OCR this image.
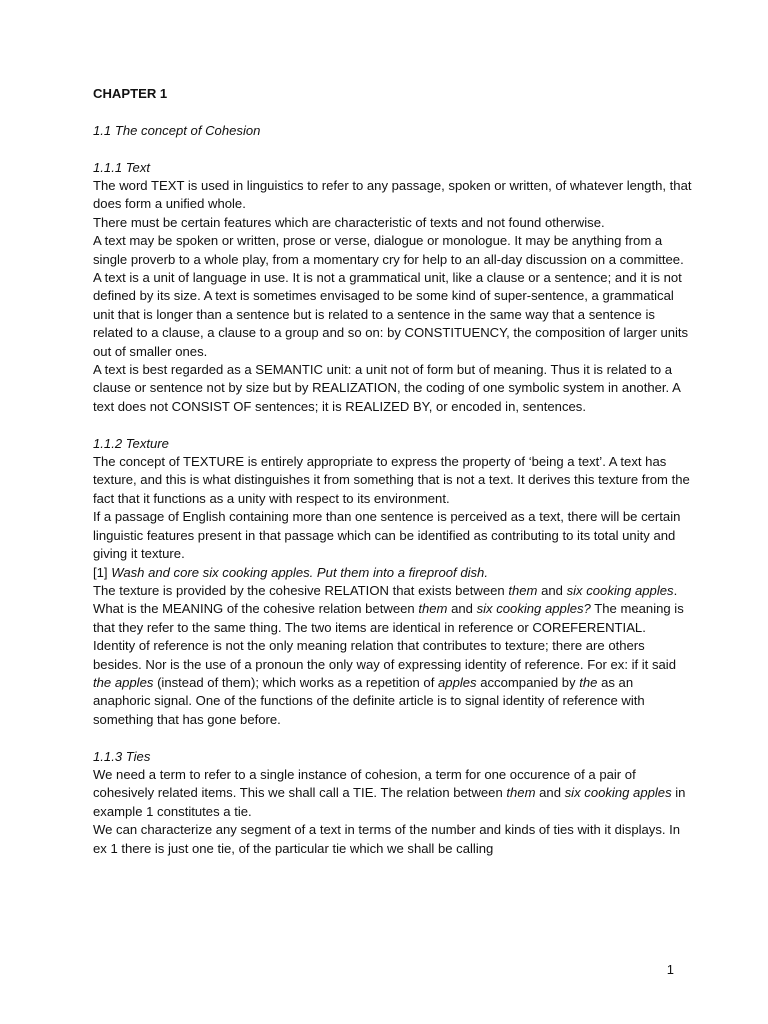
CHAPTER 1

1.1 The concept of Cohesion

1.1.1 Text

The word TEXT is used in linguistics to refer to any passage, spoken or written, of whatever length, that does form a unified whole.

There must be certain features which are characteristic of texts and not found otherwise.

A text may be spoken or written, prose or verse, dialogue or monologue. It may be anything from a single proverb to a whole play, from a momentary cry for help to an all-day discussion on a committee.

A text is a unit of language in use. It is not a grammatical unit, like a clause or a sentence; and it is not defined by its size. A text is sometimes envisaged to be some kind of super-sentence, a grammatical unit that is longer than a sentence but is related to a sentence in the same way that a sentence is related to a clause, a clause to a group and so on: by CONSTITUENCY, the composition of larger units out of smaller ones.

A text is best regarded as a SEMANTIC unit: a unit not of form but of meaning. Thus it is related to a clause or sentence not by size but by REALIZATION, the coding of one symbolic system in another. A text does not CONSIST OF sentences; it is REALIZED BY, or encoded in, sentences.

1.1.2 Texture

The concept of TEXTURE is entirely appropriate to express the property of ‘being a text’. A text has texture, and this is what distinguishes it from something that is not a text. It derives this texture from the fact that it functions as a unity with respect to its environment.

If a passage of English containing more than one sentence is perceived as a text, there will be certain linguistic features present in that passage which can be identified as contributing to its total unity and giving it texture.

[1] Wash and core six cooking apples. Put them into a fireproof dish.

The texture is provided by the cohesive RELATION that exists between them and six cooking apples.

What is the MEANING of the cohesive relation between them and six cooking apples? The meaning is that they refer to the same thing. The two items are identical in reference or COREFERENTIAL.

Identity of reference is not the only meaning relation that contributes to texture; there are others besides. Nor is the use of a pronoun the only way of expressing identity of reference. For ex: if it said the apples (instead of them); which works as a repetition of apples accompanied by the as an anaphoric signal. One of the functions of the definite article is to signal identity of reference with something that has gone before.

1.1.3 Ties

We need a term to refer to a single instance of cohesion, a term for one occurence of a pair of cohesively related items. This we shall call a TIE. The relation between them and six cooking apples in example 1 constitutes a tie.

We can characterize any segment of a text in terms of the number and kinds of ties with it displays. In ex 1 there is just one tie, of the particular tie which we shall be calling

1
